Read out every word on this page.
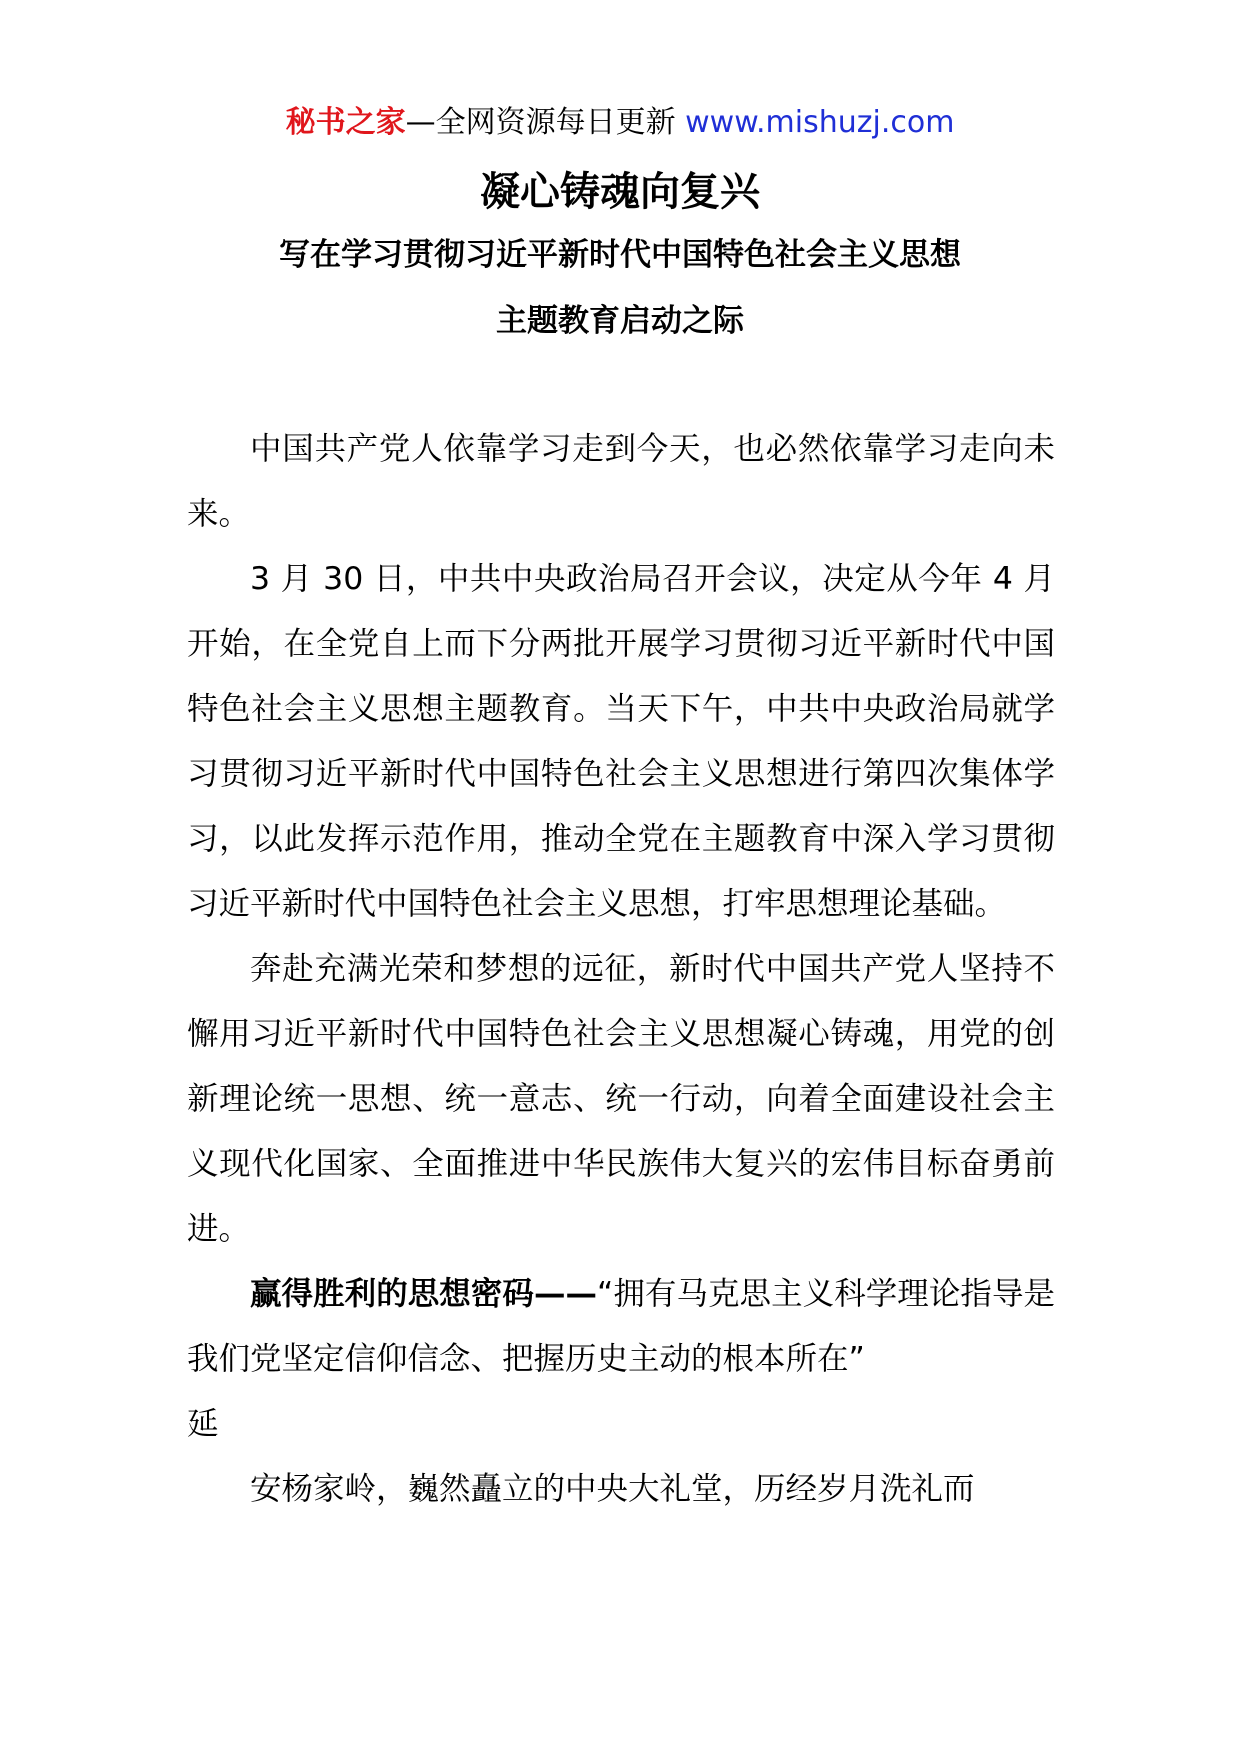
秘书之家—全网资源每日更新 www.mishuzj.com
凝心铸魂向复兴
写在学习贯彻习近平新时代中国特色社会主义思想
主题教育启动之际

中国共产党人依靠学习走到今天，也必然依靠学习走向未来。

3 月 30 日，中共中央政治局召开会议，决定从今年 4 月开始，在全党自上而下分两批开展学习贯彻习近平新时代中国特色社会主义思想主题教育。当天下午，中共中央政治局就学习贯彻习近平新时代中国特色社会主义思想进行第四次集体学习，以此发挥示范作用，推动全党在主题教育中深入学习贯彻习近平新时代中国特色社会主义思想，打牢思想理论基础。

奔赴充满光荣和梦想的远征，新时代中国共产党人坚持不懈用习近平新时代中国特色社会主义思想凝心铸魂，用党的创新理论统一思想、统一意志、统一行动，向着全面建设社会主义现代化国家、全面推进中华民族伟大复兴的宏伟目标奋勇前进。

赢得胜利的思想密码——“拥有马克思主义科学理论指导是我们党坚定信仰信念、把握历史主动的根本所在”

延

安杨家岭，巍然矗立的中央大礼堂，历经岁月洗礼而
